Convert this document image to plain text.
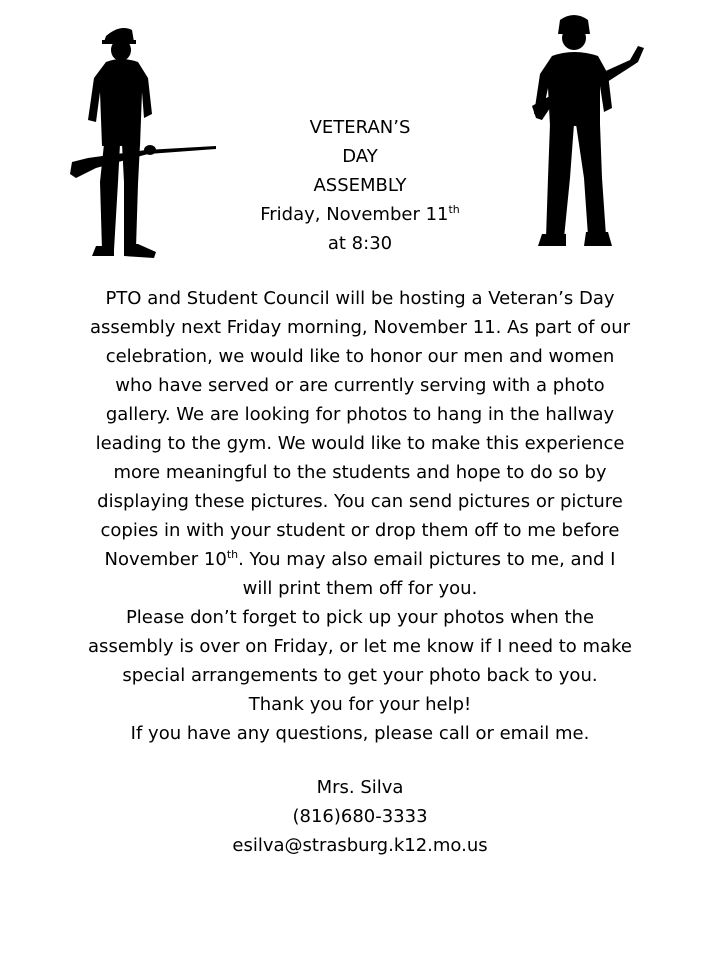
VETERAN’S
DAY
ASSEMBLY
Friday, November 11th
at 8:30
PTO and Student Council will be hosting a Veteran’s Day
assembly next Friday morning, November 11. As part of our
celebration, we would like to honor our men and women
who have served or are currently serving with a photo
gallery. We are looking for photos to hang in the hallway
leading to the gym. We would like to make this experience
more meaningful to the students and hope to do so by
displaying these pictures. You can send pictures or picture
copies in with your student or drop them off to me before
November 10th. You may also email pictures to me, and I
will print them off for you.
Please don’t forget to pick up your photos when the
assembly is over on Friday, or let me know if I need to make
special arrangements to get your photo back to you.
Thank you for your help!
If you have any questions, please call or email me.
Mrs. Silva
(816)680-3333
esilva@strasburg.k12.mo.us
